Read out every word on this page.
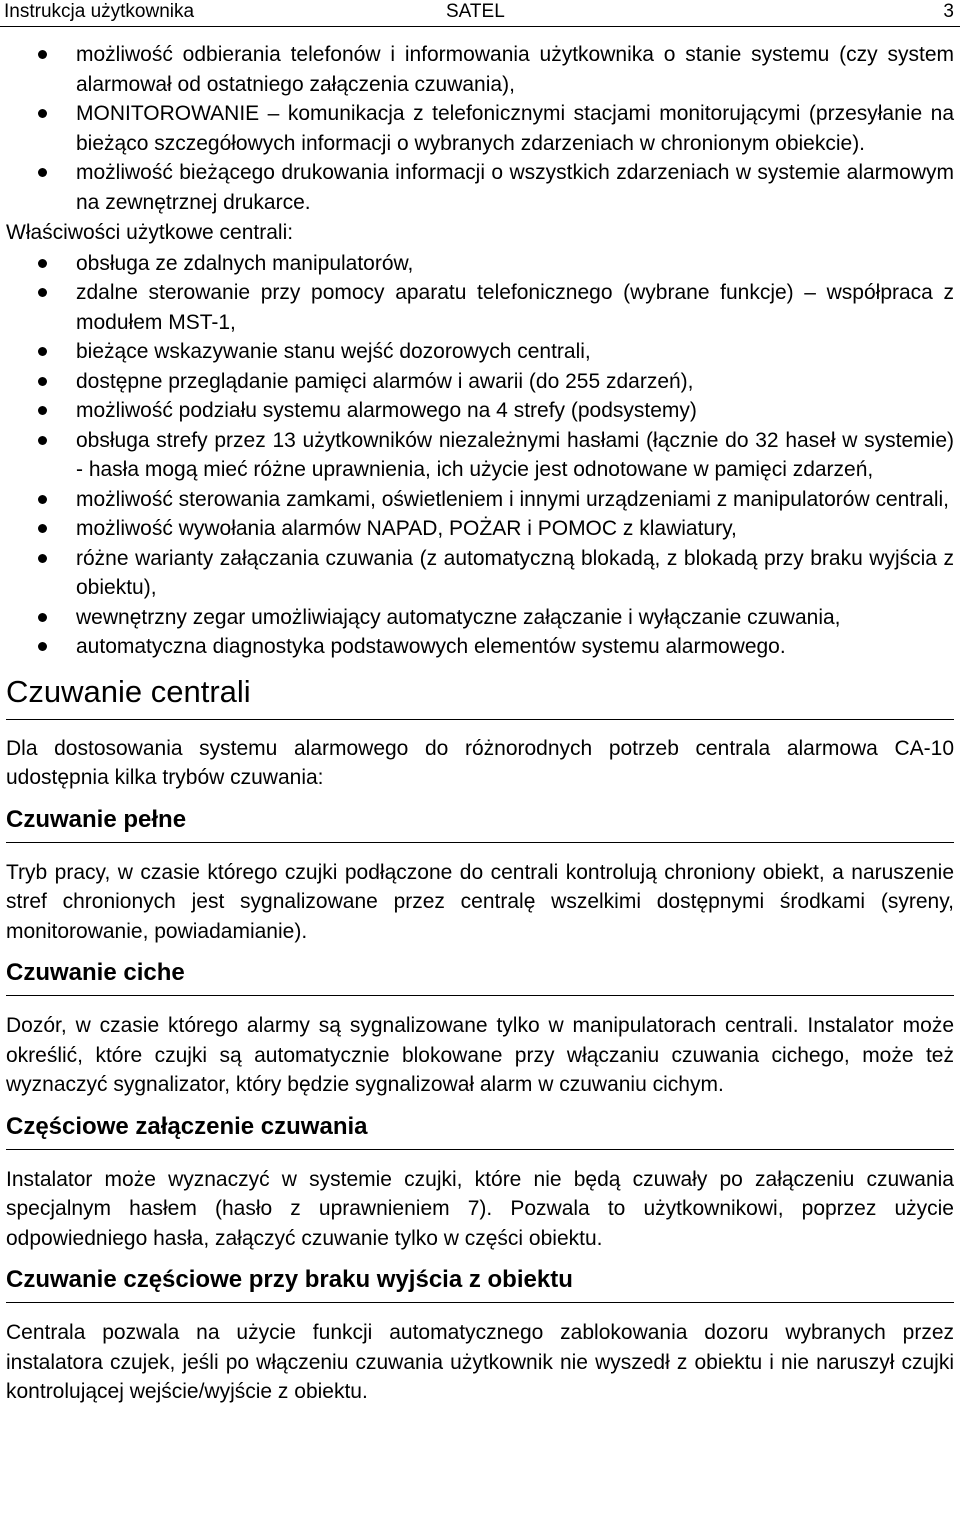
Instrukcja użytkownika	SATEL	3
możliwość odbierania telefonów i informowania użytkownika o stanie systemu (czy system alarmował od ostatniego załączenia czuwania),
MONITOROWANIE – komunikacja z telefonicznymi stacjami monitorującymi (przesyłanie na bieżąco szczegółowych informacji o wybranych zdarzeniach w chronionym obiekcie).
możliwość bieżącego drukowania informacji o wszystkich zdarzeniach w systemie alarmowym na zewnętrznej drukarce.
Właściwości użytkowe centrali:
obsługa ze zdalnych manipulatorów,
zdalne sterowanie przy pomocy aparatu telefonicznego (wybrane funkcje) – współpraca z modułem MST-1,
bieżące wskazywanie stanu wejść dozorowych centrali,
dostępne przeglądanie pamięci alarmów i awarii (do 255 zdarzeń),
możliwość podziału systemu alarmowego na 4 strefy (podsystemy)
obsługa strefy przez 13 użytkowników niezależnymi hasłami (łącznie do 32 haseł w systemie) - hasła mogą mieć różne uprawnienia, ich użycie jest odnotowane w pamięci zdarzeń,
możliwość sterowania zamkami, oświetleniem i innymi urządzeniami z manipulatorów centrali,
możliwość wywołania alarmów NAPAD, POŻAR i POMOC z klawiatury,
różne warianty załączania czuwania (z automatyczną blokadą, z blokadą przy braku wyjścia z obiektu),
wewnętrzny zegar umożliwiający automatyczne załączanie i wyłączanie czuwania,
automatyczna diagnostyka podstawowych elementów systemu alarmowego.
Czuwanie centrali
Dla dostosowania systemu alarmowego do różnorodnych potrzeb centrala alarmowa CA-10 udostępnia kilka trybów czuwania:
Czuwanie pełne
Tryb pracy, w czasie którego czujki podłączone do centrali kontrolują chroniony obiekt, a naruszenie stref chronionych jest sygnalizowane przez centralę wszelkimi dostępnymi środkami (syreny, monitorowanie, powiadamianie).
Czuwanie ciche
Dozór, w czasie którego alarmy są sygnalizowane tylko w manipulatorach centrali. Instalator może określić, które czujki są automatycznie blokowane przy włączaniu czuwania cichego, może też wyznaczyć sygnalizator, który będzie sygnalizował alarm w czuwaniu cichym.
Częściowe załączenie czuwania
Instalator może wyznaczyć w systemie czujki, które nie będą czuwały po załączeniu czuwania specjalnym hasłem (hasło z uprawnieniem 7). Pozwala to użytkownikowi, poprzez użycie odpowiedniego hasła, załączyć czuwanie tylko w części obiektu.
Czuwanie częściowe przy braku wyjścia z obiektu
Centrala pozwala na użycie funkcji automatycznego zablokowania dozoru wybranych przez instalatora czujek, jeśli po włączeniu czuwania użytkownik nie wyszedł z obiektu i nie naruszył czujki kontrolującej wejście/wyjście z obiektu.
